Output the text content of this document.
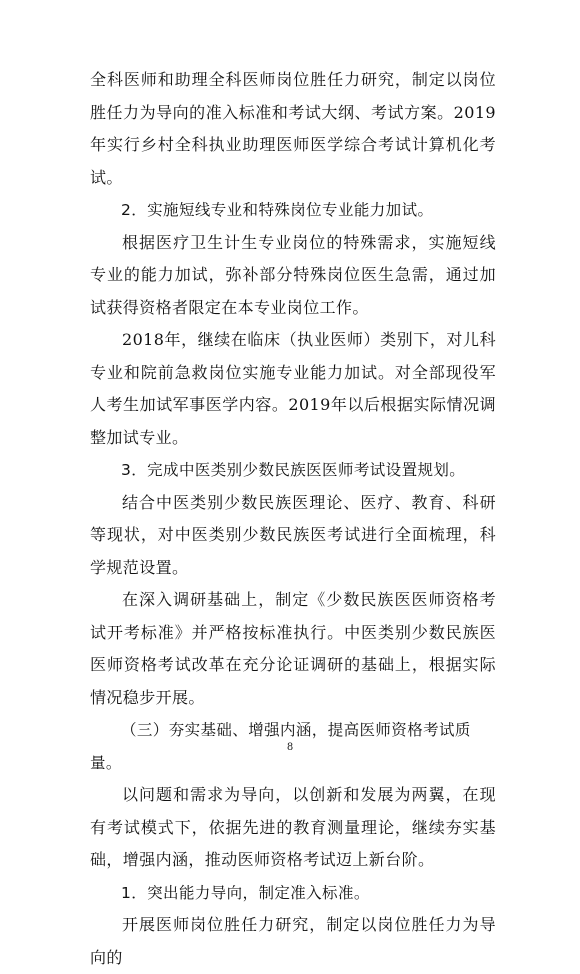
全科医师和助理全科医师岗位胜任力研究，制定以岗位胜任力为导向的准入标准和考试大纲、考试方案。2019年实行乡村全科执业助理医师医学综合考试计算机化考试。

2．实施短线专业和特殊岗位专业能力加试。

根据医疗卫生计生专业岗位的特殊需求，实施短线专业的能力加试，弥补部分特殊岗位医生急需，通过加试获得资格者限定在本专业岗位工作。

2018年，继续在临床（执业医师）类别下，对儿科专业和院前急救岗位实施专业能力加试。对全部现役军人考生加试军事医学内容。2019年以后根据实际情况调整加试专业。

3．完成中医类别少数民族医医师考试设置规划。

结合中医类别少数民族医理论、医疗、教育、科研等现状，对中医类别少数民族医考试进行全面梳理，科学规范设置。

在深入调研基础上，制定《少数民族医医师资格考试开考标准》并严格按标准执行。中医类别少数民族医医师资格考试改革在充分论证调研的基础上，根据实际情况稳步开展。

（三）夯实基础、增强内涵，提高医师资格考试质量。

以问题和需求为导向，以创新和发展为两翼，在现有考试模式下，依据先进的教育测量理论，继续夯实基础，增强内涵，推动医师资格考试迈上新台阶。

1．突出能力导向，制定准入标准。

开展医师岗位胜任力研究，制定以岗位胜任力为导向的

8
